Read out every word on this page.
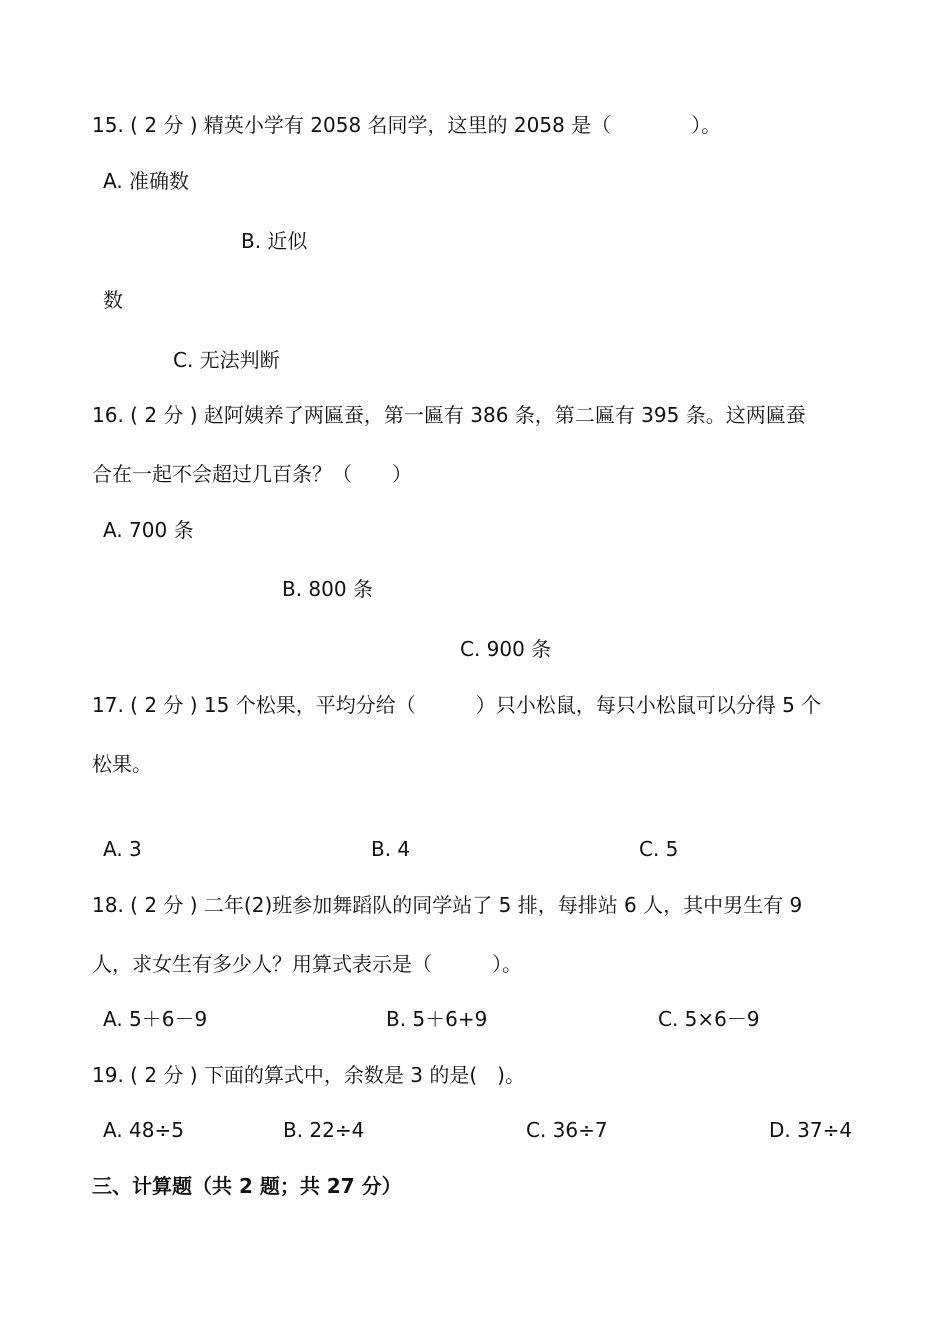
15. ( 2 分 ) 精英小学有 2058 名同学，这里的 2058 是（　　　　）。
A. 准确数
B. 近似
数
C. 无法判断
16. ( 2 分 ) 赵阿姨养了两匾蚕，第一匾有 386 条，第二匾有 395 条。这两匾蚕
合在一起不会超过几百条？（　　）
A. 700 条
B. 800 条
C. 900 条
17. ( 2 分 ) 15 个松果，平均分给（　　　）只小松鼠，每只小松鼠可以分得 5 个
松果。
A. 3	B. 4	C. 5
18. ( 2 分 ) 二年(2)班参加舞蹈队的同学站了 5 排，每排站 6 人，其中男生有 9
人，求女生有多少人？用算式表示是（　　　）。
A. 5＋6－9	B. 5＋6+9	C. 5×6－9
19. ( 2 分 ) 下面的算式中，余数是 3 的是(　)。
A. 48÷5	B. 22÷4	C. 36÷7	D. 37÷4
三、计算题（共 2 题；共 27 分）
